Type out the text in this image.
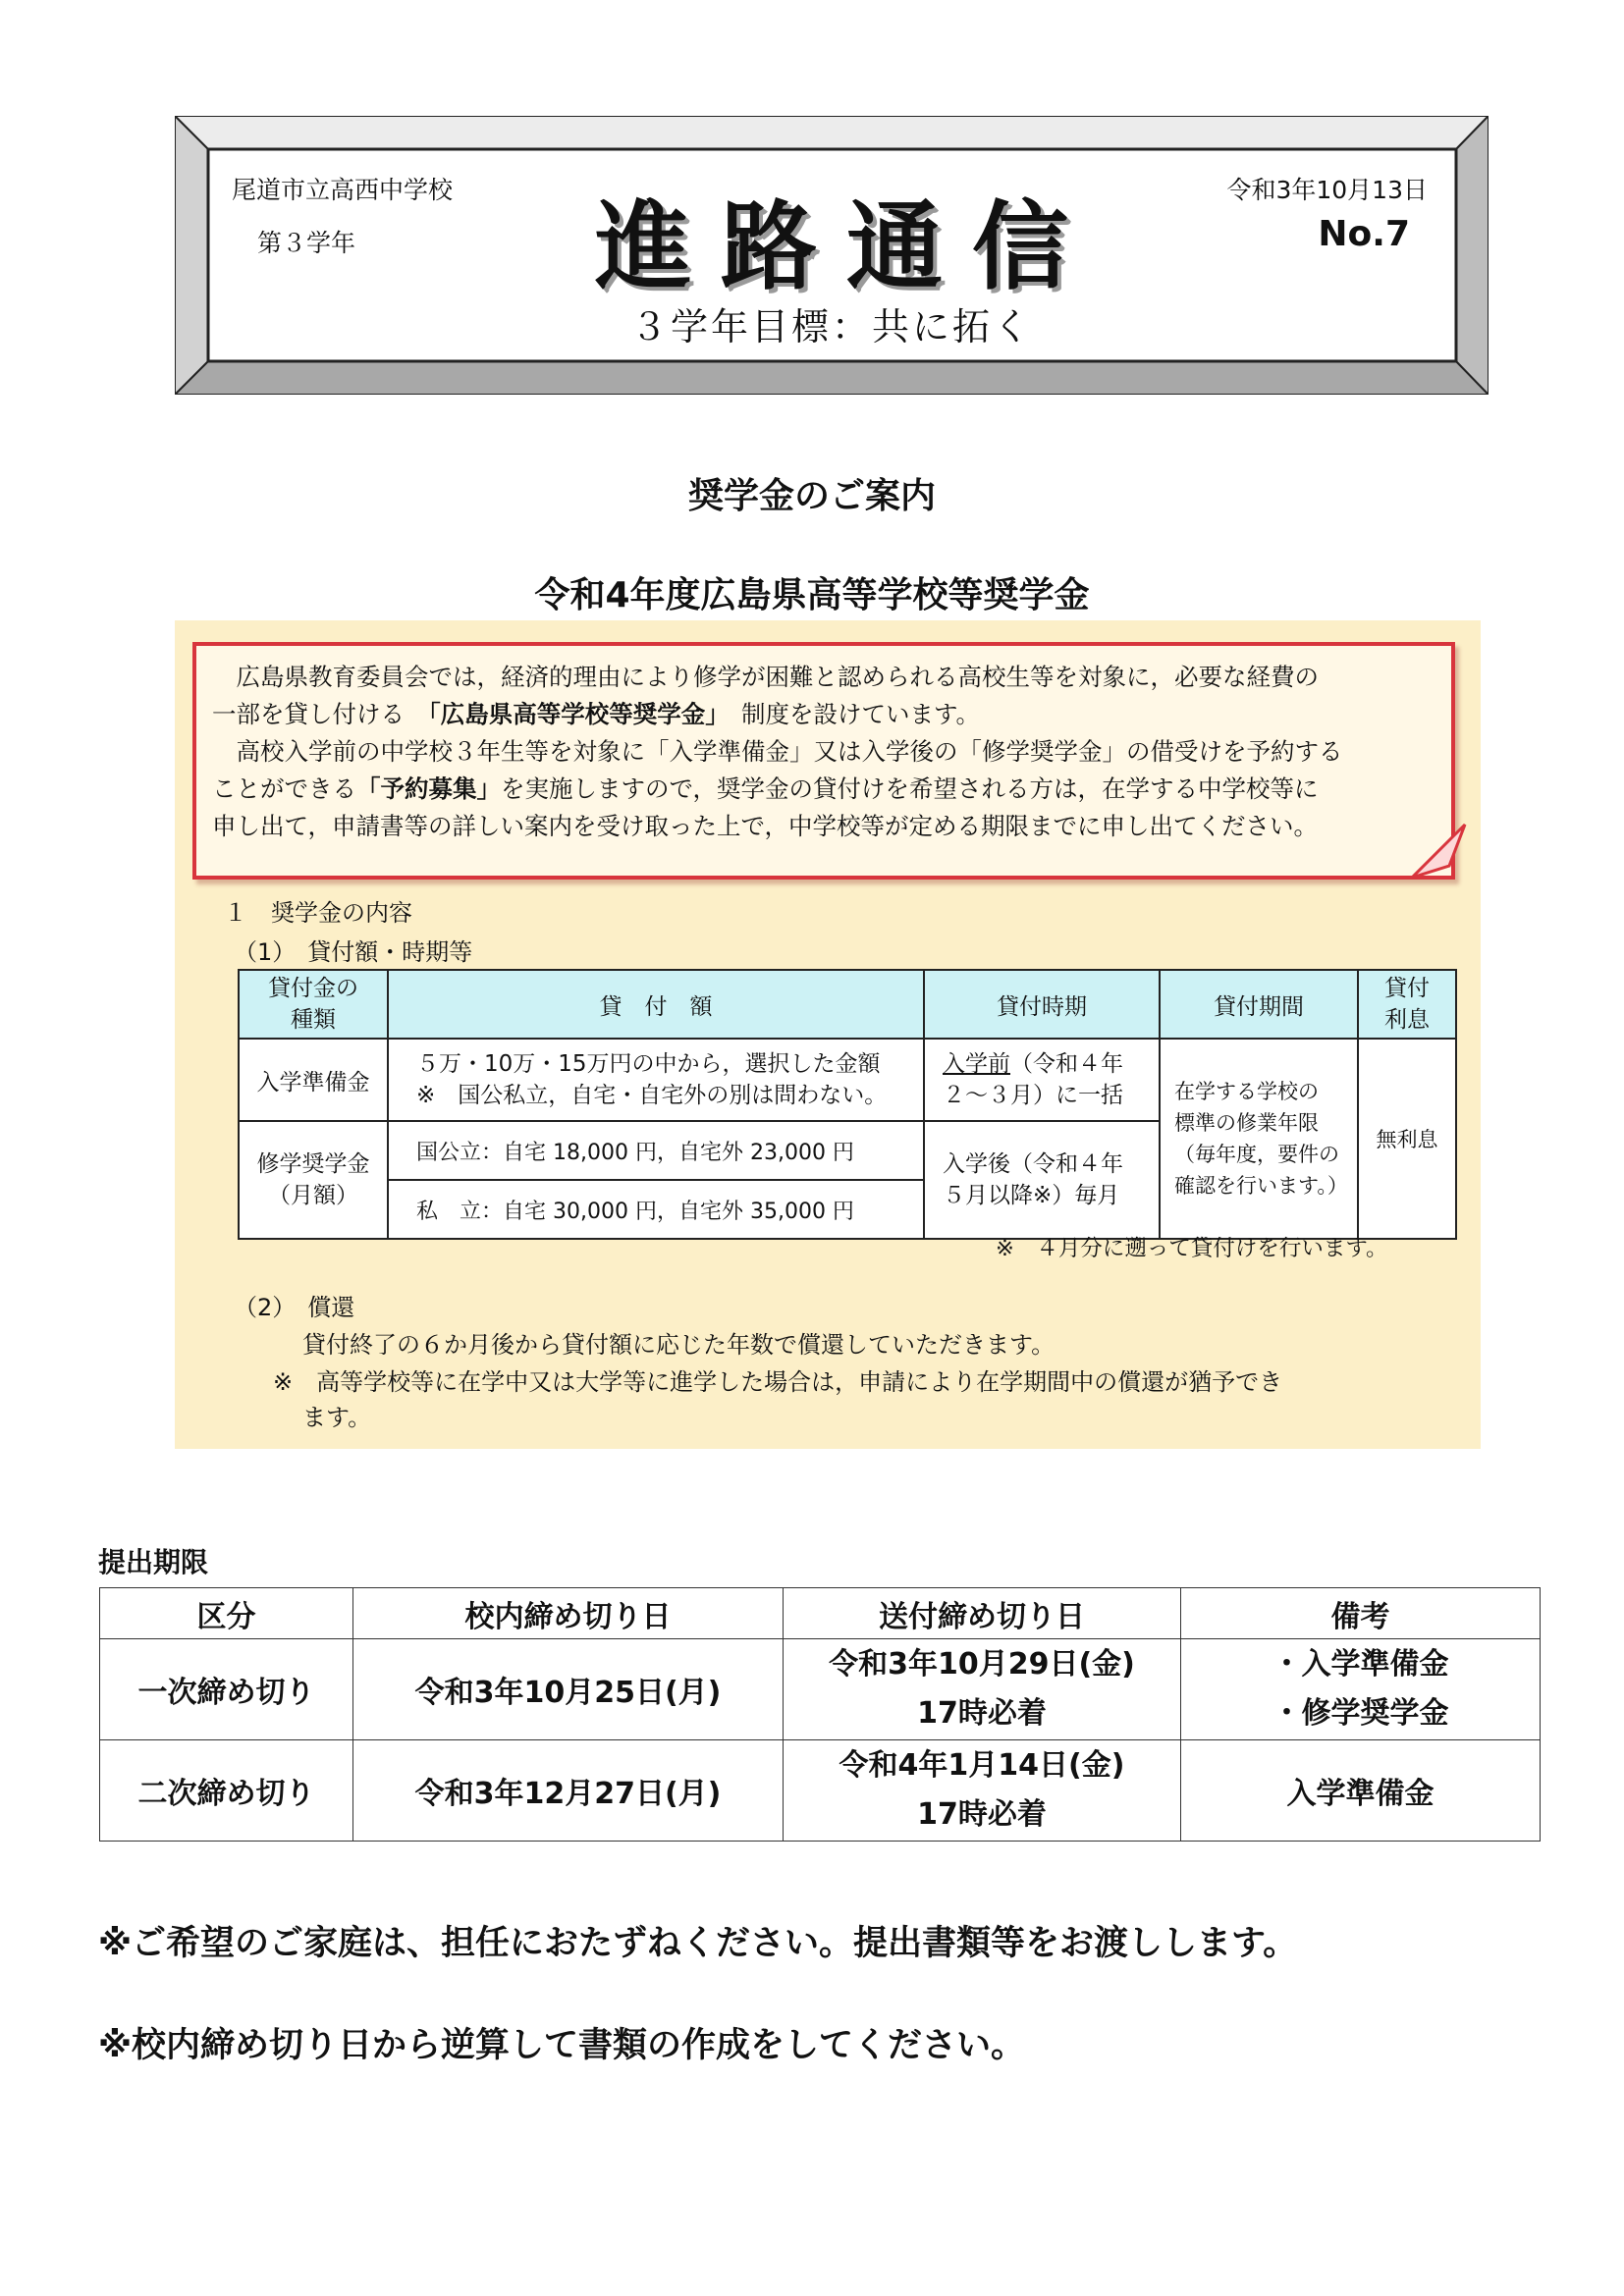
尾道市立高西中学校
第３学年 進路通信
令和3年10月13日
No.7
３学年目標：共に拓く
奨学金のご案内
令和4年度広島県高等学校等奨学金

　広島県教育委員会では，経済的理由により修学が困難と認められる高校生等を対象に，必要な経費の

一部を貸し付ける　 「広島県高等学校等奨学金」　 制度を設けています。

　高校入学前の中学校３年生等を対象に「入学準備金」又は入学後の「修学奨学金」の借受けを予約する

ことができる「予約募集」を実施しますので，奨学金の貸付けを希望される方は，在学する中学校等に

申し出て，申請書等の詳しい案内を受け取った上で，中学校等が定める期限までに申し出てください。

１　奨学金の内容
（1）　貸付額・時期等
貸付金の
種類	貸　付　額	貸付時期	貸付期間	貸付
利息

入学準備金	５万・10万・15万円の中から，選択した金額
※　国公私立，自宅・自宅外の別は問わない。	入学前（令和４年
２～３月）に一括	在学する学校の
標準の修業年限
（毎年度，要件の
確認を行います。）	無利息

修学奨学金
（月額）	国公立：自宅 18,000 円，自宅外 23,000 円	入学後（令和４年
５月以降※）毎月		

	私　立：自宅 30,000 円，自宅外 35,000 円			
※　４月分に遡って貸付けを行います。
（2）　償還
貸付終了の６か月後から貸付額に応じた年数で償還していただきます。
※　高等学校等に在学中又は大学等に進学した場合は，申請により在学期間中の償還が猶予でき
ます。
提出期限
区分	校内締め切り日	送付締め切り日	備考
一次締め切り	令和3年10月25日(月)	令和3年10月29日(金)
17時必着	・入学準備金
・修学奨学金

二次締め切り	令和3年12月27日(月)	令和4年1月14日(金)
17時必着	入学準備金
※ご希望のご家庭は、担任におたずねください。提出書類等をお渡しします。
※校内締め切り日から逆算して書類の作成をしてください。
